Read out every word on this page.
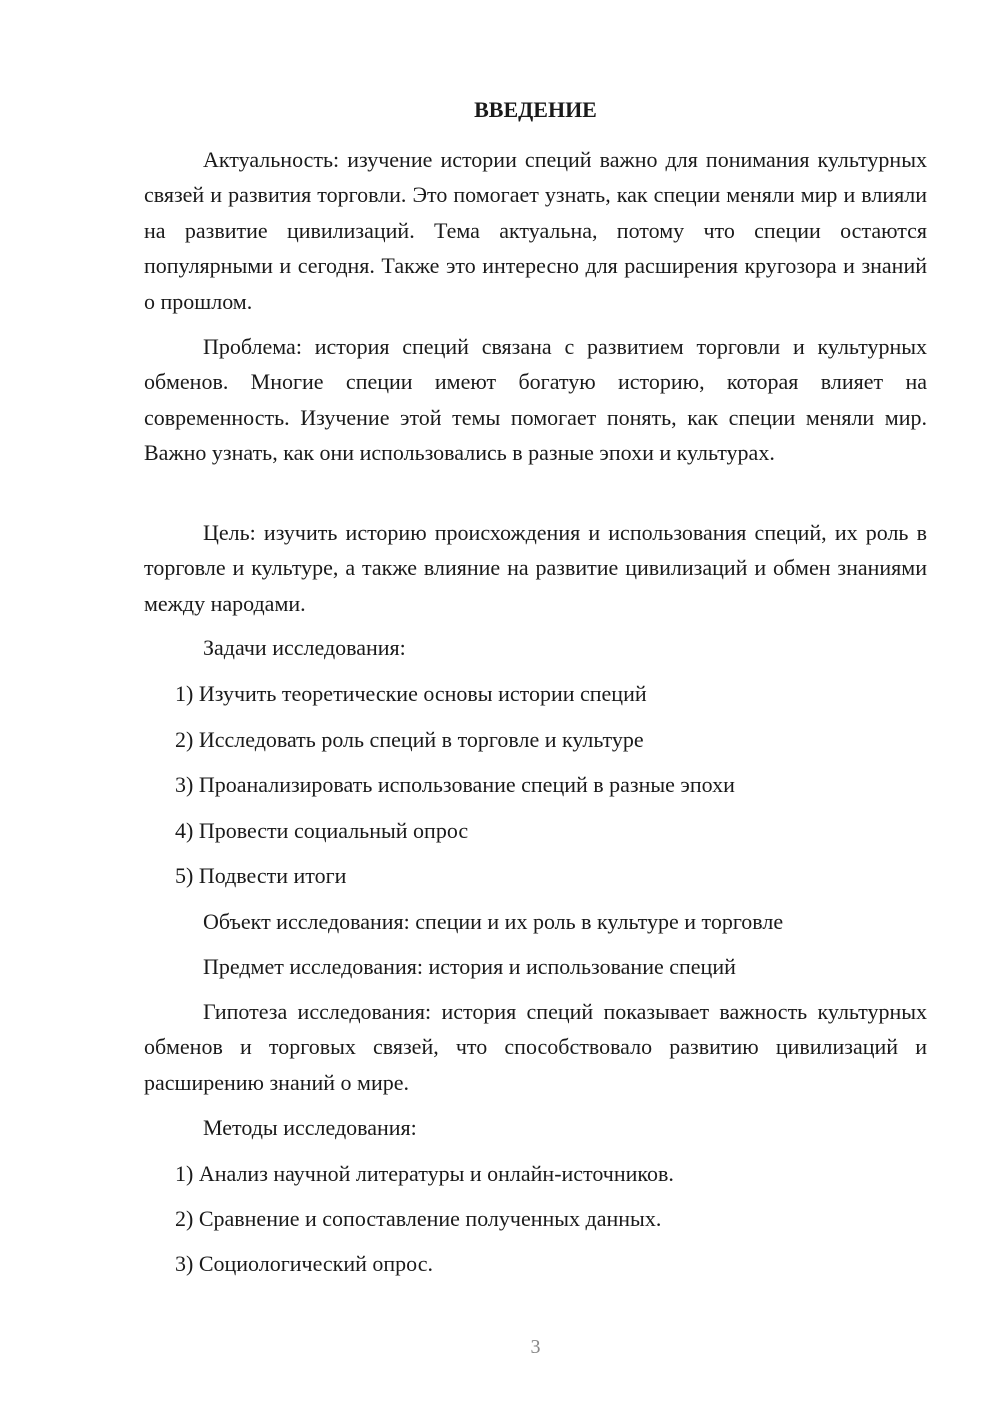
ВВЕДЕНИЕ

Актуальность: изучение истории специй важно для понимания культурных связей и развития торговли. Это помогает узнать, как специи меняли мир и влияли на развитие цивилизаций. Тема актуальна, потому что специи остаются популярными и сегодня. Также это интересно для расширения кругозора и знаний о прошлом.

Проблема: история специй связана с развитием торговли и культурных обменов. Многие специи имеют богатую историю, которая влияет на современность. Изучение этой темы помогает понять, как специи меняли мир. Важно узнать, как они использовались в разные эпохи и культурах.

Цель: изучить историю происхождения и использования специй, их роль в торговле и культуре, а также влияние на развитие цивилизаций и обмен знаниями между народами.

Задачи исследования:

1) Изучить теоретические основы истории специй

2) Исследовать роль специй в торговле и культуре

3) Проанализировать использование специй в разные эпохи

4) Провести социальный опрос

5) Подвести итоги

Объект исследования: специи и их роль в культуре и торговле

Предмет исследования: история и использование специй

Гипотеза исследования: история специй показывает важность культурных обменов и торговых связей, что способствовало развитию цивилизаций и расширению знаний о мире.

Методы исследования:

1) Анализ научной литературы и онлайн-источников.

2) Сравнение и сопоставление полученных данных.

3) Социологический опрос.

3
